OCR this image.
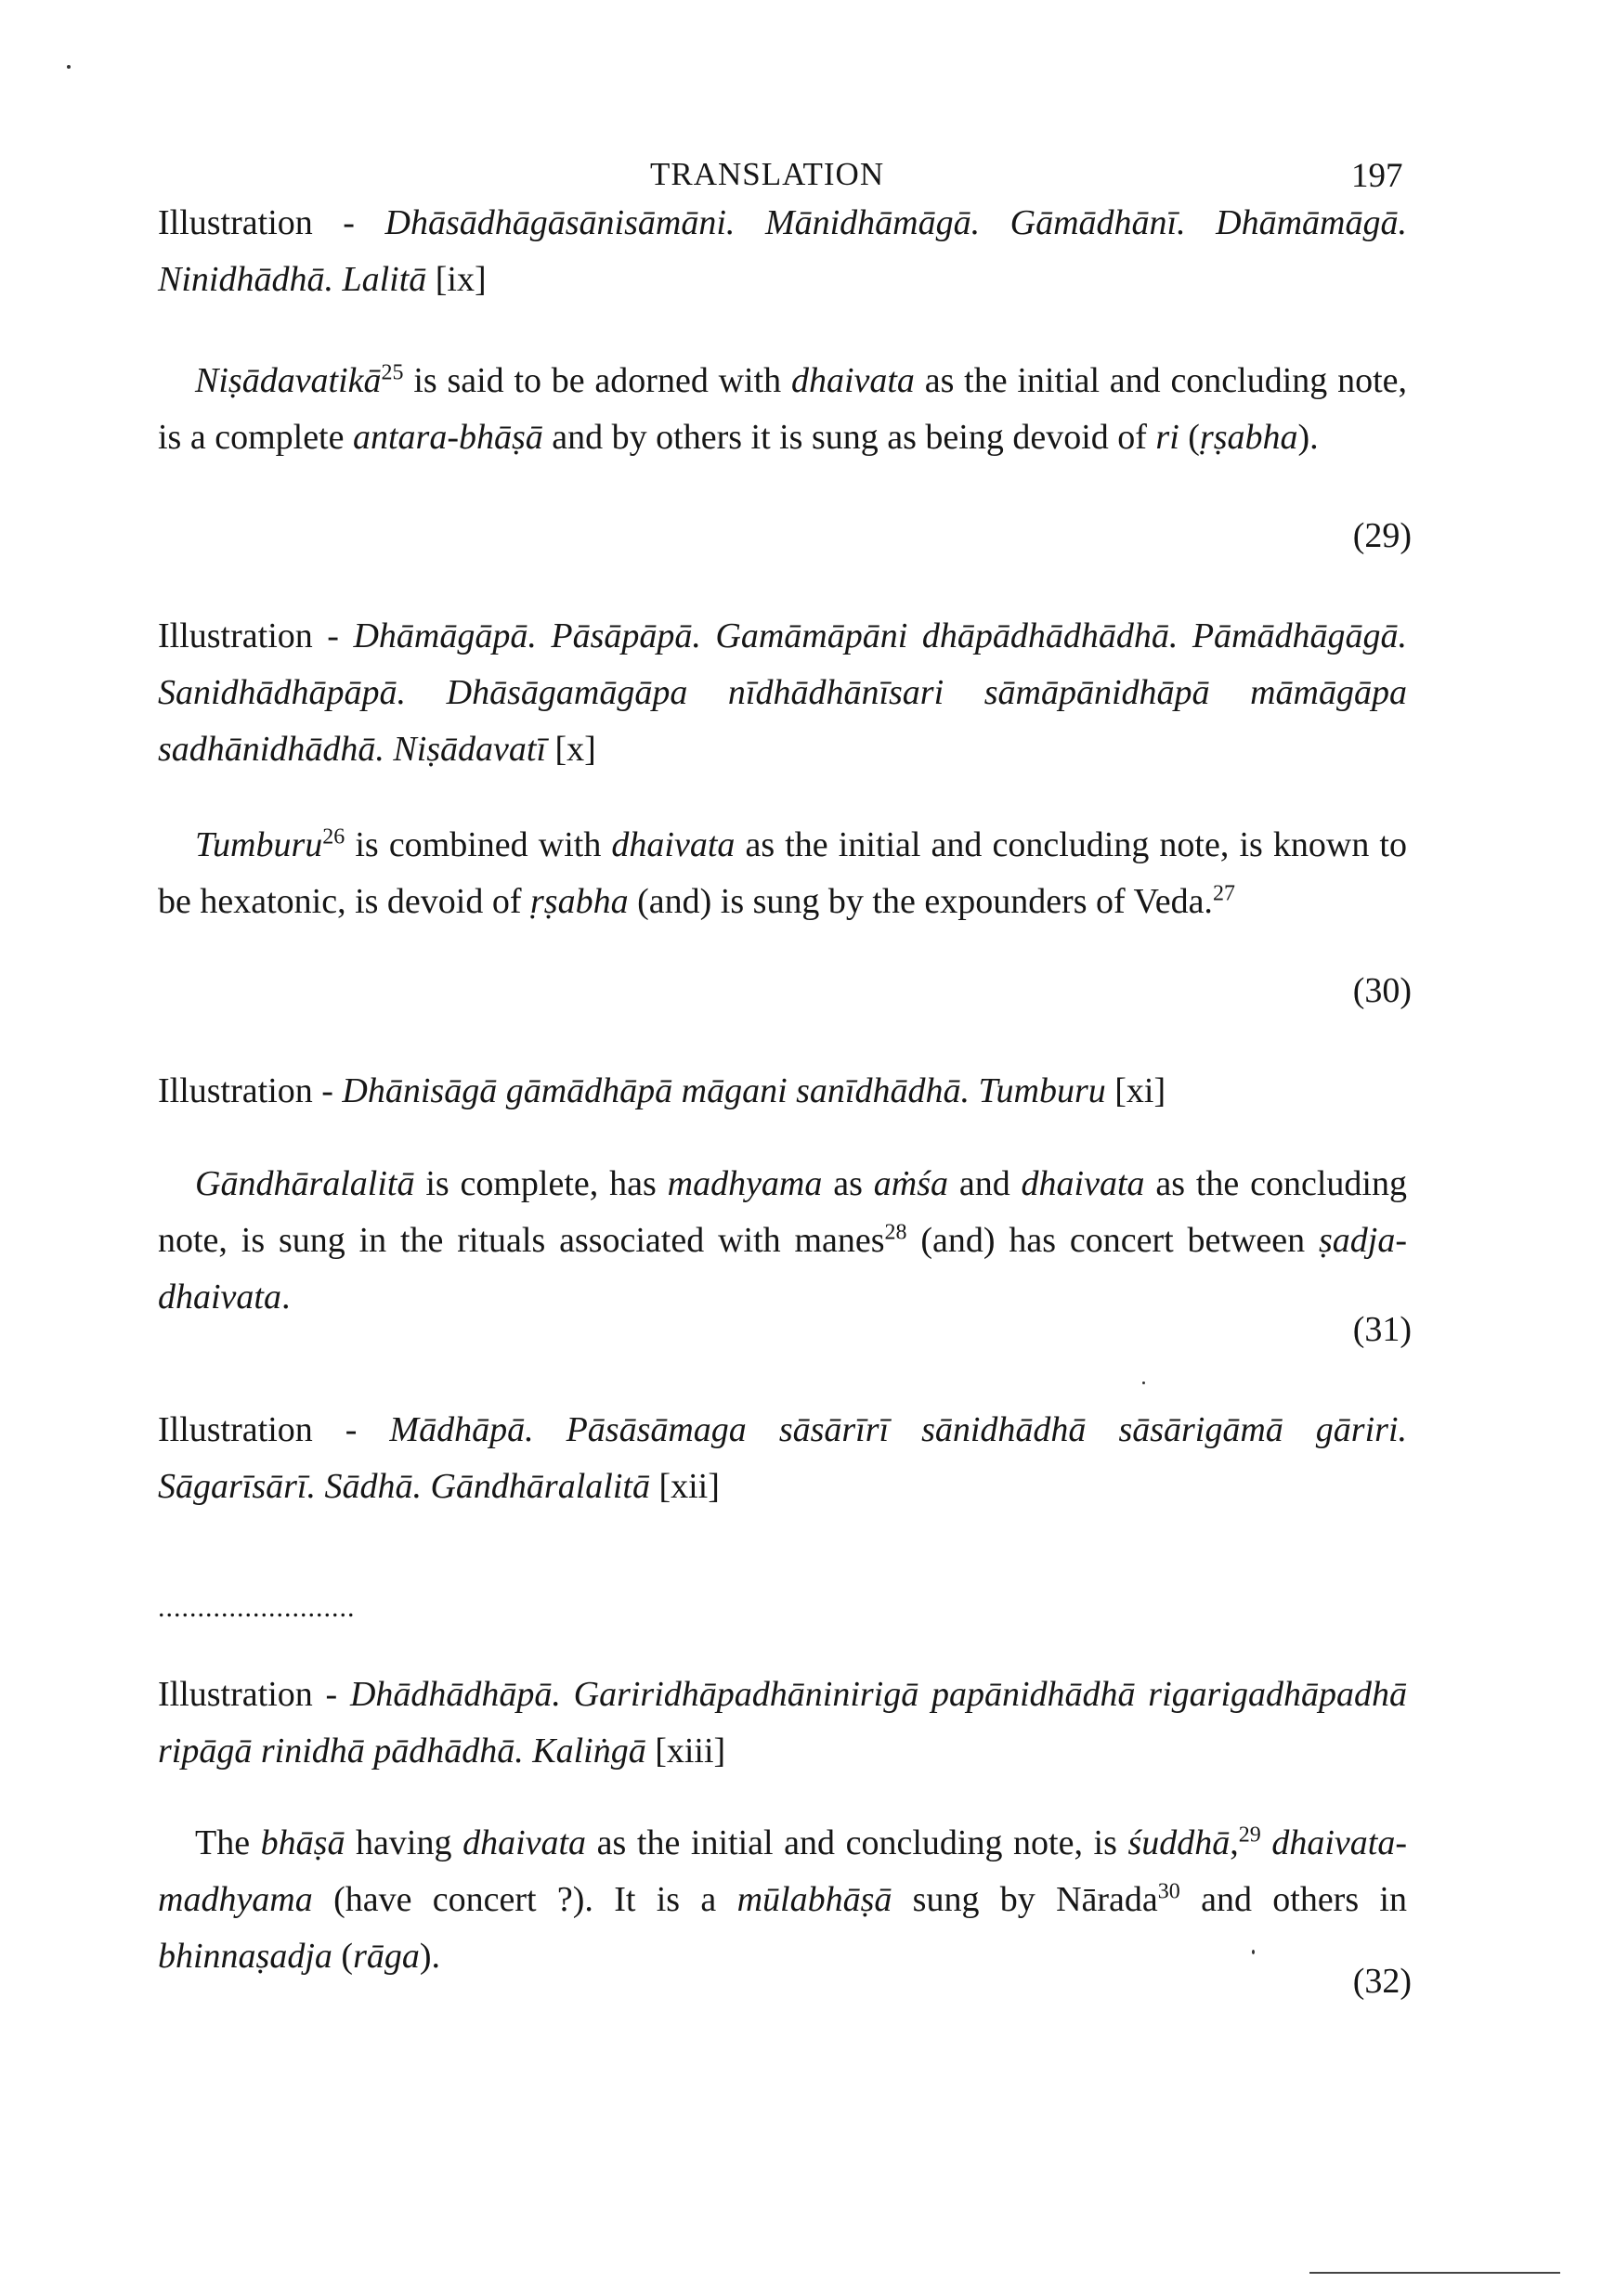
TRANSLATION	197

Illustration - Dhāsādhāgāsānisāmāni. Mānidhāmāgā. Gāmādhānī. Dhāmāmāgā. Ninidhādhā. Lalitā [ix]

Niṣādavatikā$^{25}$ is said to be adorned with dhaivata as the initial and concluding note, is a complete antara-bhāṣā and by others it is sung as being devoid of ri (ṛṣabha).

(29)

Illustration - Dhāmāgāpā. Pāsāpāpā. Gamāmāpāni dhāpādhādhādhā. Pāmādhāgāgā. Sanidhādhāpāpā. Dhāsāgamāgāpa nīdhādhānīsari sāmāpānidhāpā māmāgāpa sadhānidhādhā. Niṣādavatī [x]

Tumburu$^{26}$ is combined with dhaivata as the initial and concluding note, is known to be hexatonic, is devoid of ṛṣabha (and) is sung by the expounders of Veda.$^{27}$

(30)

Illustration - Dhānisāgā gāmādhāpā māgani sanīdhādhā. Tumburu [xi]

Gāndhāralalitā is complete, has madhyama as aṁśa and dhaivata as the concluding note, is sung in the rituals associated with manes$^{28}$ (and) has concert between ṣadja-dhaivata.

(31)

Illustration - Mādhāpā. Pāsāsāmaga sāsārīrī sānidhādhā sāsārigāmā gāriri. Sāgarīsārī. Sādhā. Gāndhāralalitā [xii]

.........................

Illustration - Dhādhādhāpā. Gariridhāpadhāninirigā papānidhādhā rigarigadhāpadhā ripāgā rinidhā pādhādhā. Kaliṅgā [xiii]

The bhāṣā having dhaivata as the initial and concluding note, is śuddhā,$^{29}$ dhaivata-madhyama (have concert ?). It is a mūlabhāṣā sung by Nārada$^{30}$ and others in bhinnaṣadja (rāga).

(32)
